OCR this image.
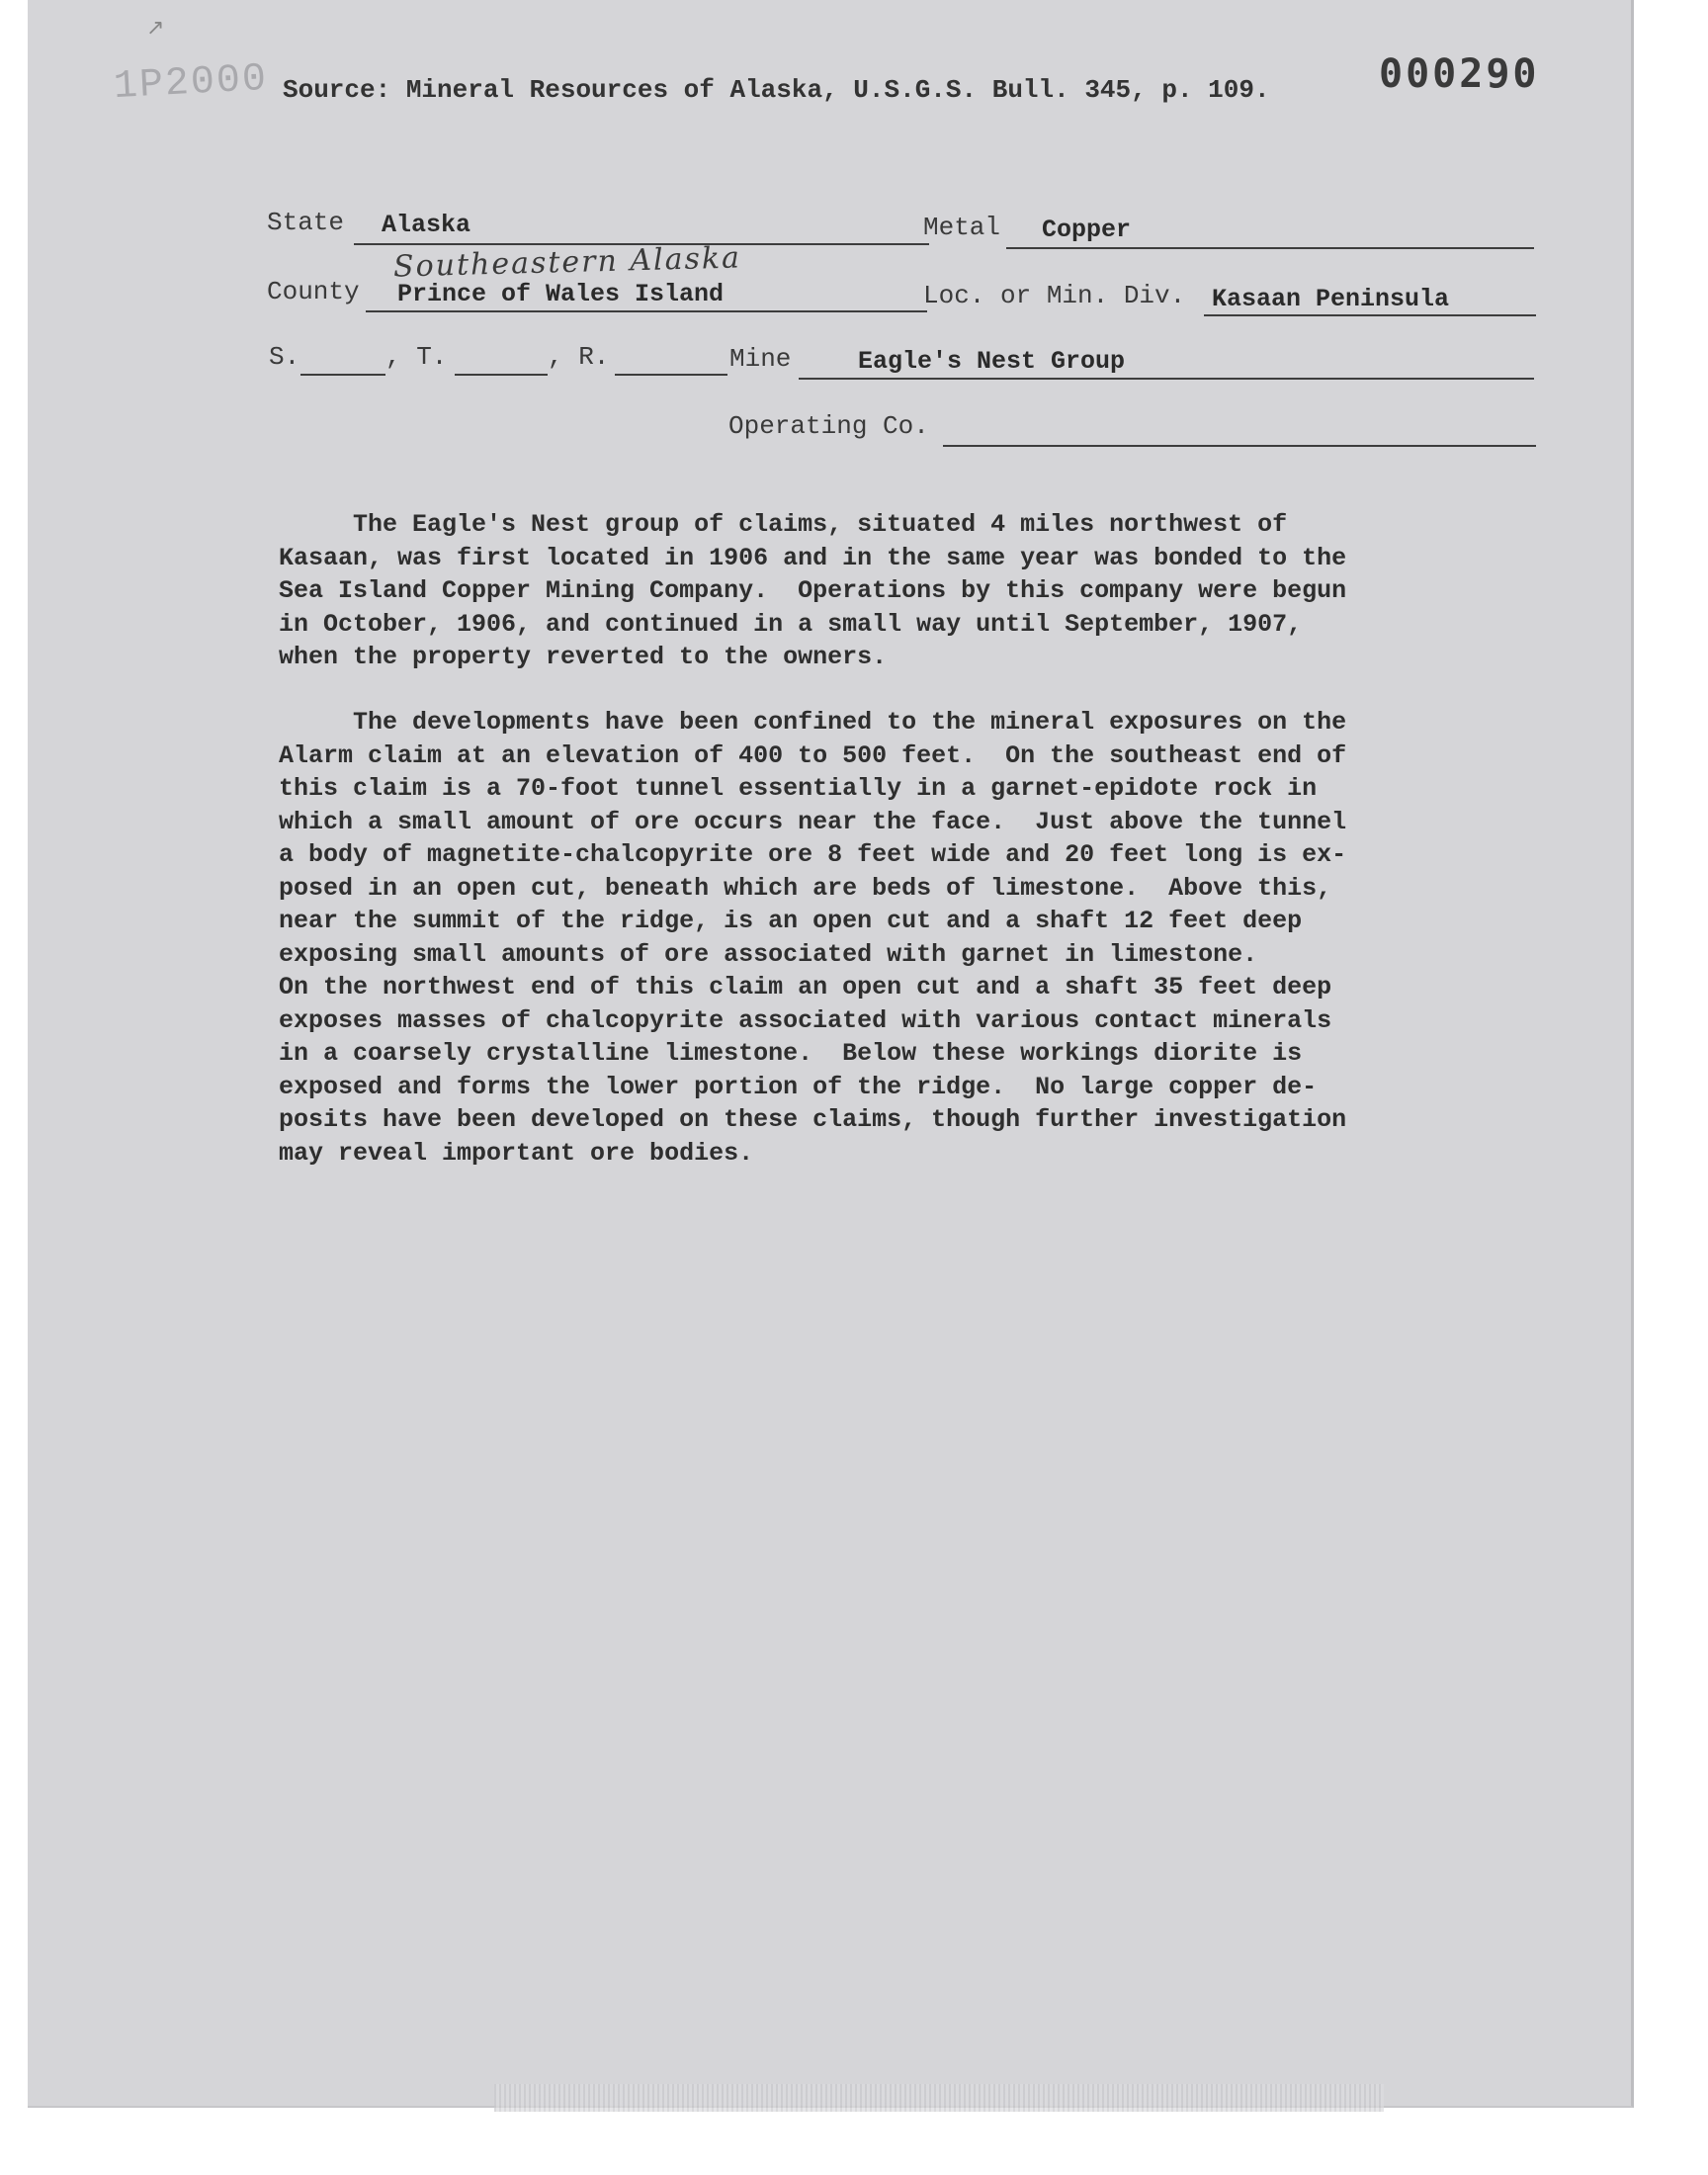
↗
1P2000 Source: Mineral Resources of Alaska, U.S.G.S. Bull. 345, p. 109.	000290
State Alaska	Metal Copper
Southeastern Alaska
County Prince of Wales Island	Loc. or Min. Div. Kasaan Peninsula
S.	, T.	, R.	Mine	Eagle's Nest Group
Operating Co.
The Eagle's Nest group of claims, situated 4 miles northwest of
Kasaan, was first located in 1906 and in the same year was bonded to the
Sea Island Copper Mining Company.  Operations by this company were begun
in October, 1906, and continued in a small way until September, 1907,
when the property reverted to the owners.
The developments have been confined to the mineral exposures on the
Alarm claim at an elevation of 400 to 500 feet.  On the southeast end of
this claim is a 70-foot tunnel essentially in a garnet-epidote rock in
which a small amount of ore occurs near the face.  Just above the tunnel
a body of magnetite-chalcopyrite ore 8 feet wide and 20 feet long is ex-
posed in an open cut, beneath which are beds of limestone.  Above this,
near the summit of the ridge, is an open cut and a shaft 12 feet deep
exposing small amounts of ore associated with garnet in limestone.
On the northwest end of this claim an open cut and a shaft 35 feet deep
exposes masses of chalcopyrite associated with various contact minerals
in a coarsely crystalline limestone.  Below these workings diorite is
exposed and forms the lower portion of the ridge.  No large copper de-
posits have been developed on these claims, though further investigation
may reveal important ore bodies.
